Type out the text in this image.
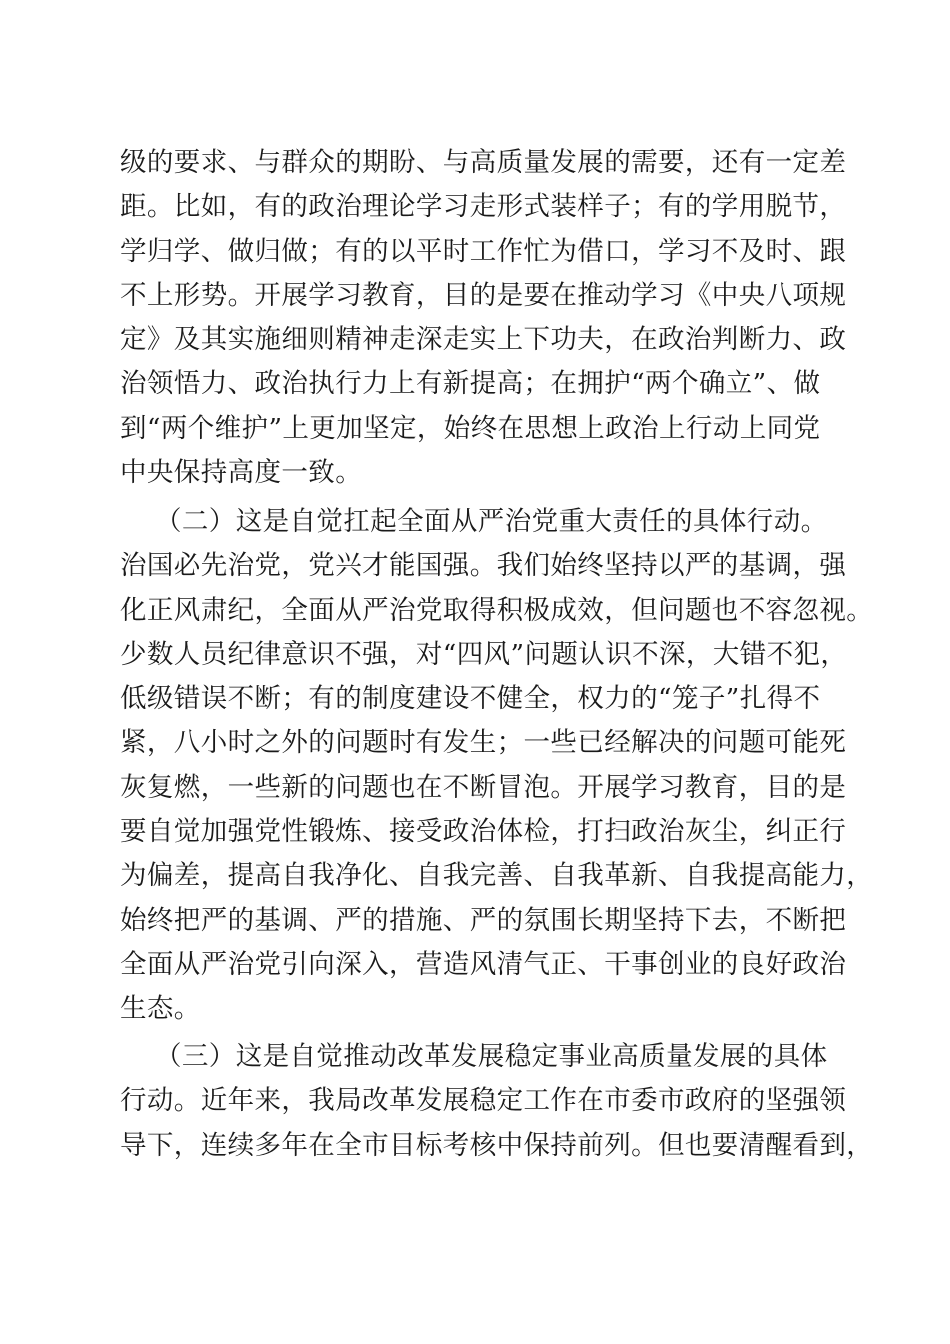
级的要求、与群众的期盼、与高质量发展的需要，还有一定差
距。比如，有的政治理论学习走形式装样子；有的学用脱节，
学归学、做归做；有的以平时工作忙为借口，学习不及时、跟
不上形势。开展学习教育，目的是要在推动学习《中央八项规
定》及其实施细则精神走深走实上下功夫，在政治判断力、政
治领悟力、政治执行力上有新提高；在拥护“两个确立”、做
到“两个维护”上更加坚定，始终在思想上政治上行动上同党
中央保持高度一致。
（二）这是自觉扛起全面从严治党重大责任的具体行动。
治国必先治党，党兴才能国强。我们始终坚持以严的基调，强
化正风肃纪，全面从严治党取得积极成效，但问题也不容忽视。
少数人员纪律意识不强，对“四风”问题认识不深，大错不犯，
低级错误不断；有的制度建设不健全，权力的“笼子”扎得不
紧，八小时之外的问题时有发生；一些已经解决的问题可能死
灰复燃，一些新的问题也在不断冒泡。开展学习教育，目的是
要自觉加强党性锻炼、接受政治体检，打扫政治灰尘，纠正行
为偏差，提高自我净化、自我完善、自我革新、自我提高能力，
始终把严的基调、严的措施、严的氛围长期坚持下去，不断把
全面从严治党引向深入，营造风清气正、干事创业的良好政治
生态。
（三）这是自觉推动改革发展稳定事业高质量发展的具体
行动。近年来，我局改革发展稳定工作在市委市政府的坚强领
导下，连续多年在全市目标考核中保持前列。但也要清醒看到，
